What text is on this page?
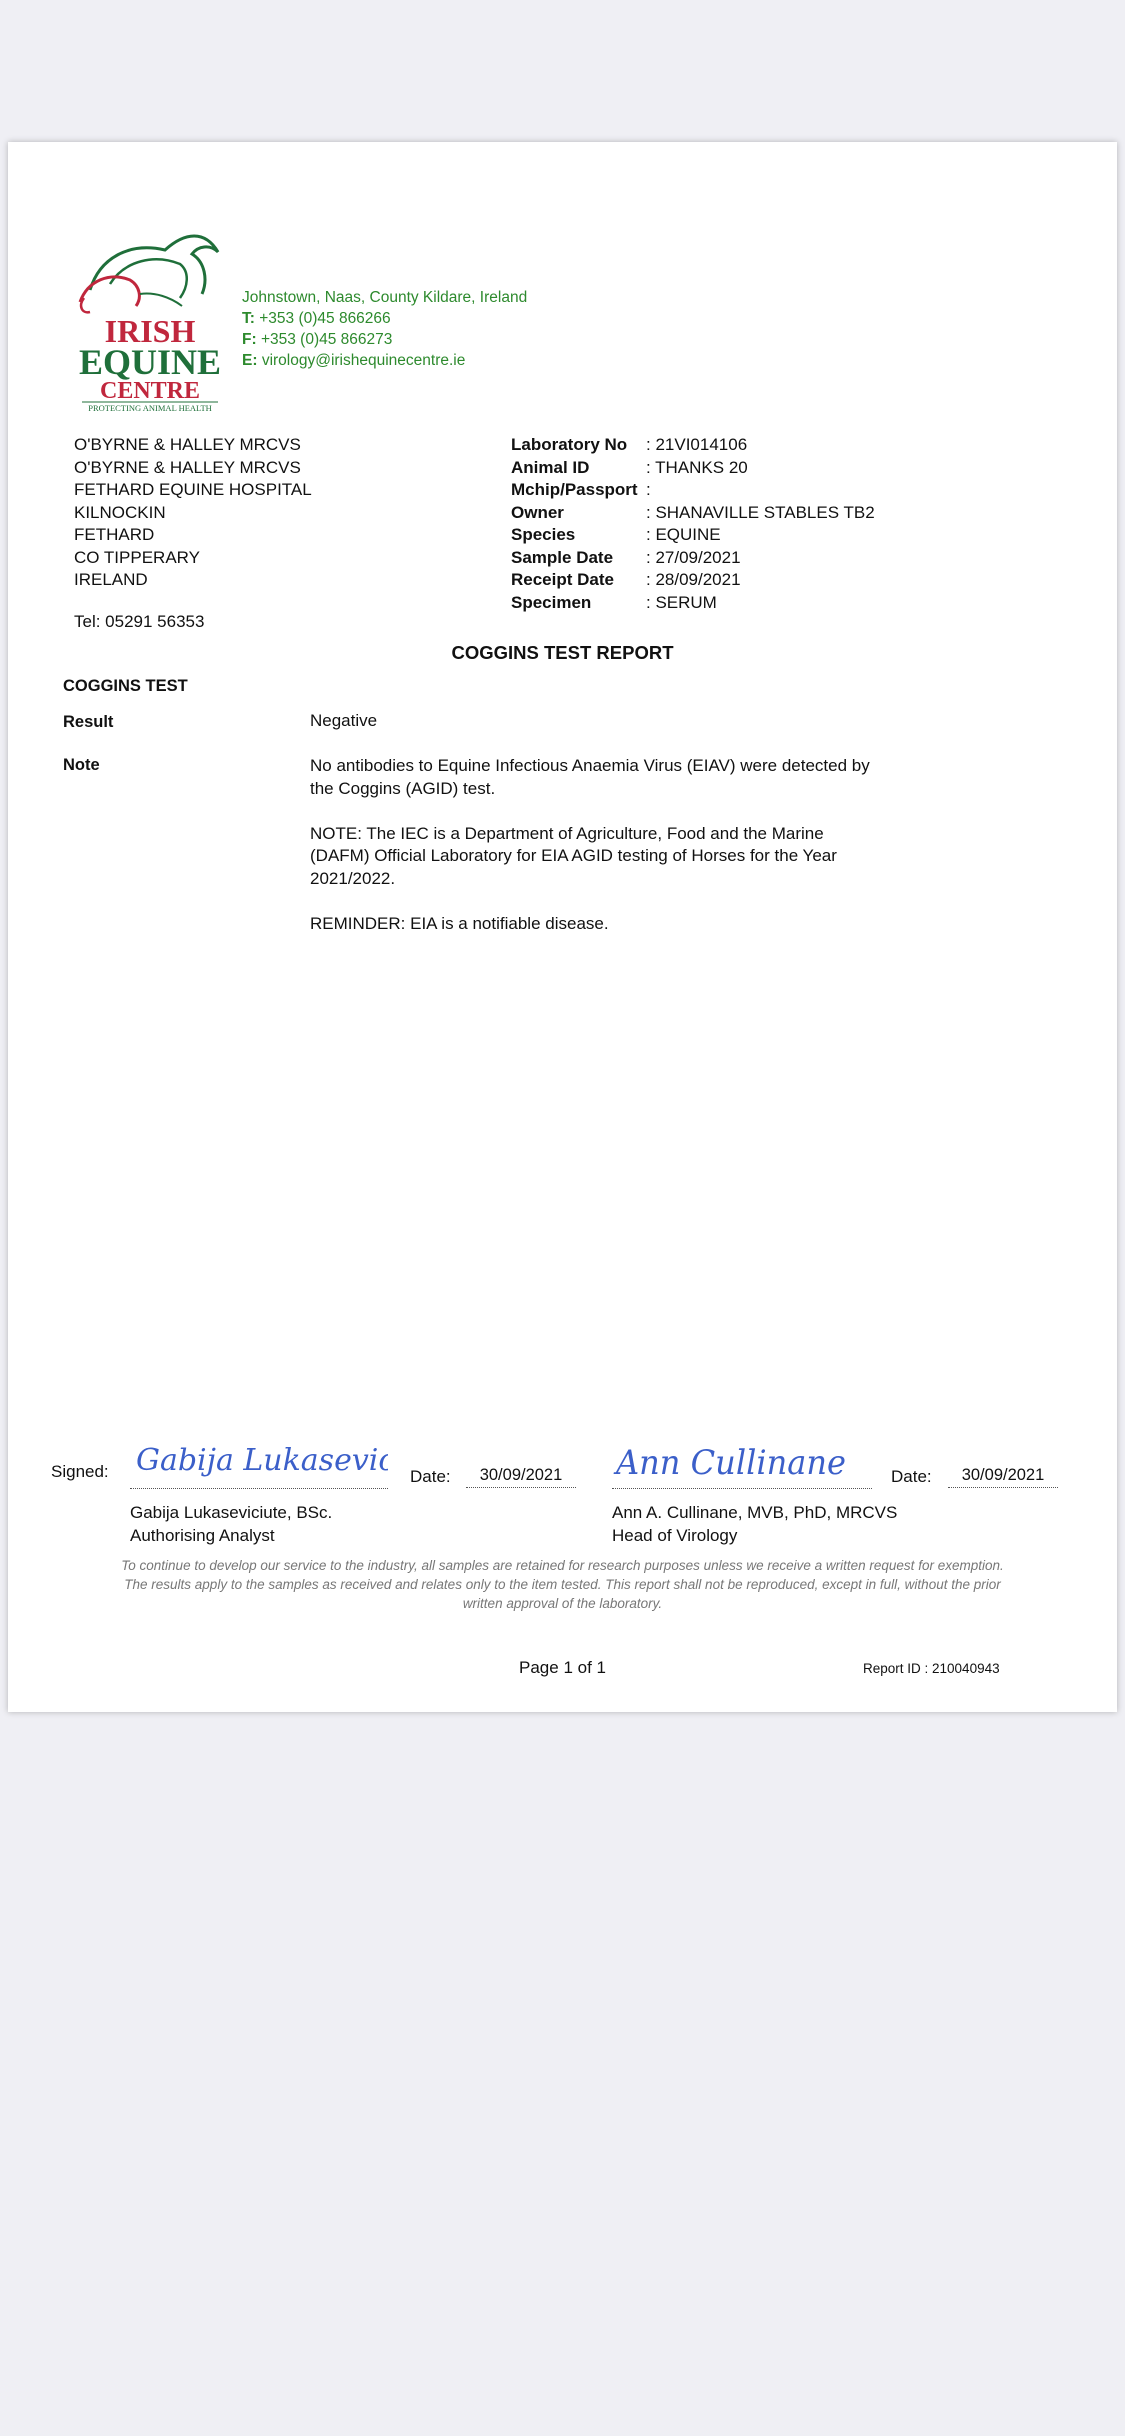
IRISH
EQUINE
CENTRE
PROTECTING ANIMAL HEALTH
Johnstown, Naas, County Kildare, Ireland
T: +353 (0)45 866266
F: +353 (0)45 866273
E: virology@irishequinecentre.ie
O'BYRNE & HALLEY MRCVS
O'BYRNE & HALLEY MRCVS
FETHARD EQUINE HOSPITAL
KILNOCKIN
FETHARD
CO TIPPERARY
IRELAND
Tel: 05291 56353
Laboratory No	: 21VI014106
Animal ID	: THANKS 20
Mchip/Passport :
Owner	: SHANAVILLE STABLES TB2
Species	: EQUINE
Sample Date	: 27/09/2021
Receipt Date	: 28/09/2021
Specimen	: SERUM
COGGINS TEST REPORT
COGGINS TEST
Result	Negative
Note	No antibodies to Equine Infectious Anaemia Virus (EIAV) were detected by the Coggins (AGID) test.

NOTE: The IEC is a Department of Agriculture, Food and the Marine (DAFM) Official Laboratory for EIA AGID testing of Horses for the Year 2021/2022.

REMINDER: EIA is a notifiable disease.

Signed: Gabija Lukasevi	Date:	30/09/2021
Gabija Lukaseviciute, BSc.
Authorising Analyst
Ann Cullinane	Date:	30/09/2021
Ann A. Cullinane, MVB, PhD, MRCVS
Head of Virology
To continue to develop our service to the industry, all samples are retained for research purposes unless we receive a written request for exemption.
The results apply to the samples as received and relates only to the item tested. This report shall not be reproduced, except in full, without the prior written approval of the laboratory.
Page 1 of 1	Report ID : 210040943
